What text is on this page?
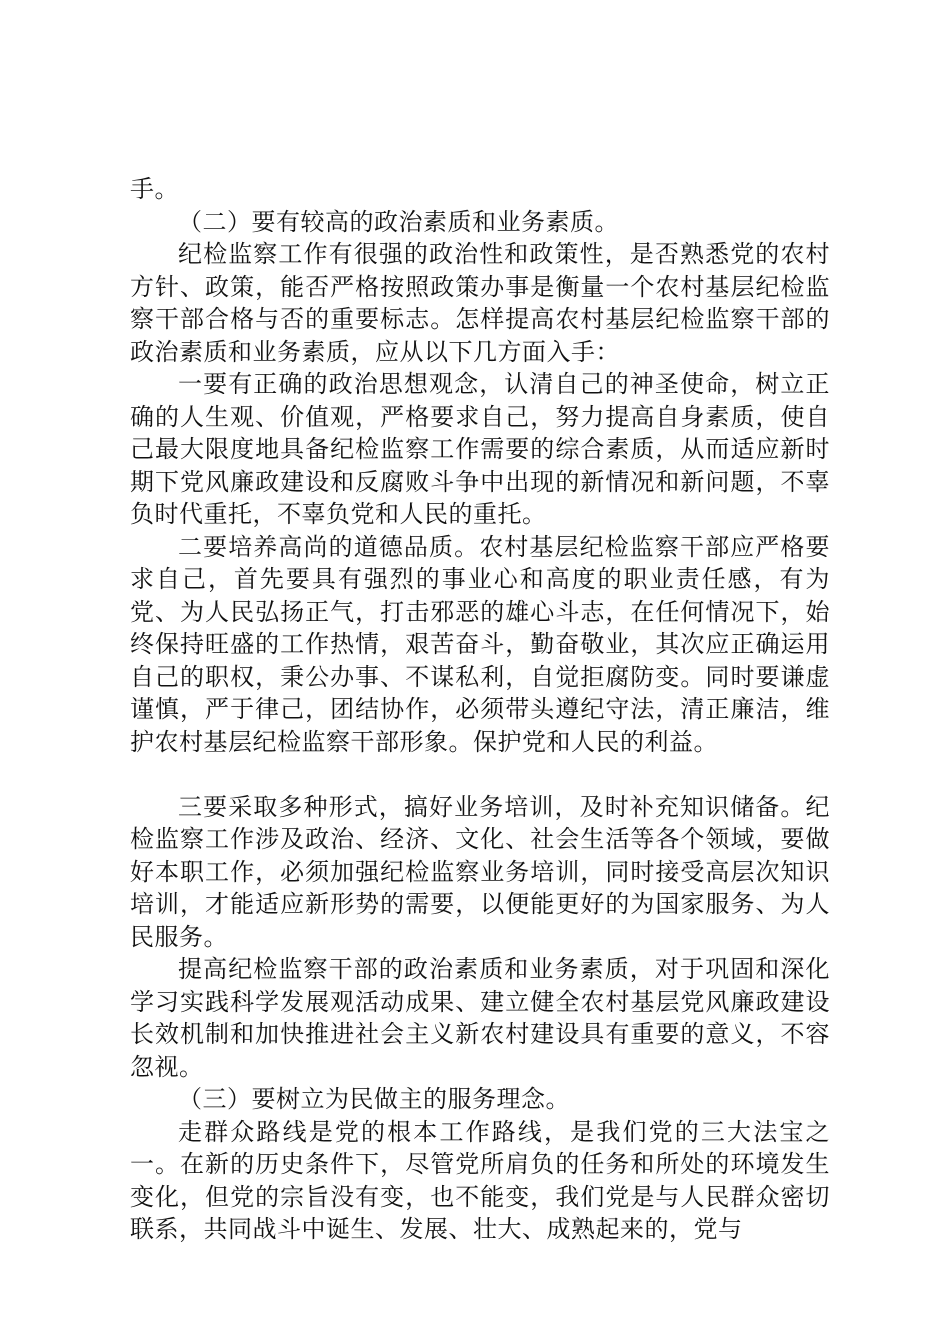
手。

（二）要有较高的政治素质和业务素质。

纪检监察工作有很强的政治性和政策性，是否熟悉党的农村方针、政策，能否严格按照政策办事是衡量一个农村基层纪检监察干部合格与否的重要标志。怎样提高农村基层纪检监察干部的政治素质和业务素质，应从以下几方面入手：

一要有正确的政治思想观念，认清自己的神圣使命，树立正确的人生观、价值观，严格要求自己，努力提高自身素质，使自己最大限度地具备纪检监察工作需要的综合素质，从而适应新时期下党风廉政建设和反腐败斗争中出现的新情况和新问题，不辜负时代重托，不辜负党和人民的重托。

二要培养高尚的道德品质。农村基层纪检监察干部应严格要求自己，首先要具有强烈的事业心和高度的职业责任感，有为党、为人民弘扬正气，打击邪恶的雄心斗志，在任何情况下，始终保持旺盛的工作热情，艰苦奋斗，勤奋敬业，其次应正确运用自己的职权，秉公办事、不谋私利，自觉拒腐防变。同时要谦虚谨慎，严于律己，团结协作，必须带头遵纪守法，清正廉洁，维护农村基层纪检监察干部形象。保护党和人民的利益。

三要采取多种形式，搞好业务培训，及时补充知识储备。纪检监察工作涉及政治、经济、文化、社会生活等各个领域，要做好本职工作，必须加强纪检监察业务培训，同时接受高层次知识培训，才能适应新形势的需要，以便能更好的为国家服务、为人民服务。

提高纪检监察干部的政治素质和业务素质，对于巩固和深化学习实践科学发展观活动成果、建立健全农村基层党风廉政建设长效机制和加快推进社会主义新农村建设具有重要的意义，不容忽视。

（三）要树立为民做主的服务理念。

走群众路线是党的根本工作路线，是我们党的三大法宝之一。在新的历史条件下，尽管党所肩负的任务和所处的环境发生变化，但党的宗旨没有变，也不能变，我们党是与人民群众密切联系，共同战斗中诞生、发展、壮大、成熟起来的，党与
